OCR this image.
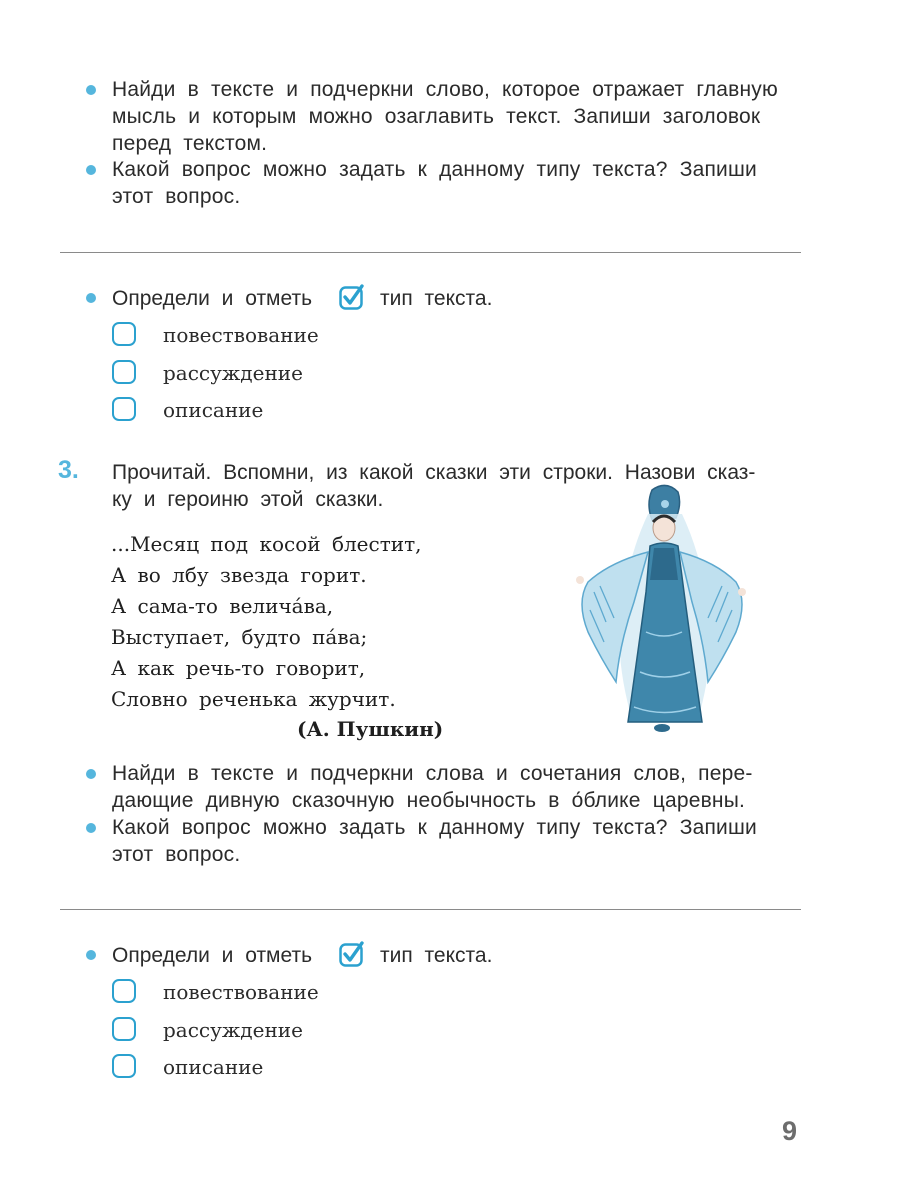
Найди в тексте и подчеркни слово, которое отражает главную
мысль и которым можно озаглавить текст. Запиши заголовок
перед текстом.
Какой вопрос можно задать к данному типу текста? Запиши
этот вопрос.
Определи и отметь	тип текста.
повествование
рассуждение
описание
3. Прочитай. Вспомни, из какой сказки эти строки. Назови сказ-
ку и героиню этой сказки.
...Месяц под косой блестит,
А во лбу звезда горит.
А сама-то велича́ва,
Выступает, будто па́ва;
А как речь-то говорит,
Словно реченька журчит.
(А. Пушкин)
Найди в тексте и подчеркни слова и сочетания слов, пере-
дающие дивную сказочную необычность в о́блике царевны.
Какой вопрос можно задать к данному типу текста? Запиши
этот вопрос.
Определи и отметь	тип текста.
повествование
рассуждение
описание
9
